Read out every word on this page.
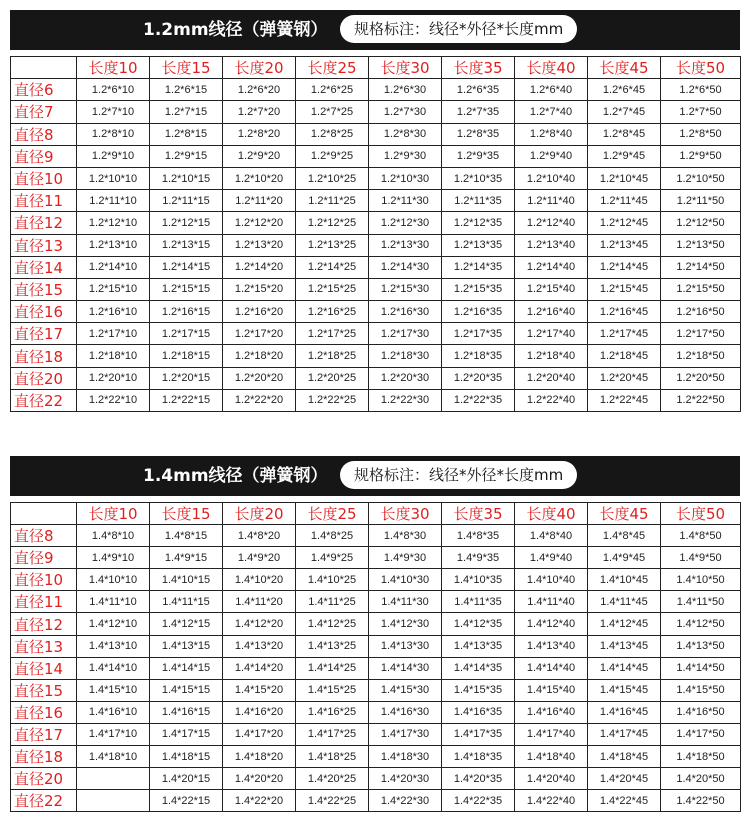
1.2mm线径（弹簧钢）	规格标注：线径*外径*长度mm
	长度10	长度15	长度20	长度25	长度30	长度35	长度40	长度45	长度50
直径6	1.2*6*10	1.2*6*15	1.2*6*20	1.2*6*25	1.2*6*30	1.2*6*35	1.2*6*40	1.2*6*45	1.2*6*50
直径7	1.2*7*10	1.2*7*15	1.2*7*20	1.2*7*25	1.2*7*30	1.2*7*35	1.2*7*40	1.2*7*45	1.2*7*50
直径8	1.2*8*10	1.2*8*15	1.2*8*20	1.2*8*25	1.2*8*30	1.2*8*35	1.2*8*40	1.2*8*45	1.2*8*50
直径9	1.2*9*10	1.2*9*15	1.2*9*20	1.2*9*25	1.2*9*30	1.2*9*35	1.2*9*40	1.2*9*45	1.2*9*50
直径10	1.2*10*10	1.2*10*15	1.2*10*20	1.2*10*25	1.2*10*30	1.2*10*35	1.2*10*40	1.2*10*45	1.2*10*50
直径11	1.2*11*10	1.2*11*15	1.2*11*20	1.2*11*25	1.2*11*30	1.2*11*35	1.2*11*40	1.2*11*45	1.2*11*50
直径12	1.2*12*10	1.2*12*15	1.2*12*20	1.2*12*25	1.2*12*30	1.2*12*35	1.2*12*40	1.2*12*45	1.2*12*50
直径13	1.2*13*10	1.2*13*15	1.2*13*20	1.2*13*25	1.2*13*30	1.2*13*35	1.2*13*40	1.2*13*45	1.2*13*50
直径14	1.2*14*10	1.2*14*15	1.2*14*20	1.2*14*25	1.2*14*30	1.2*14*35	1.2*14*40	1.2*14*45	1.2*14*50
直径15	1.2*15*10	1.2*15*15	1.2*15*20	1.2*15*25	1.2*15*30	1.2*15*35	1.2*15*40	1.2*15*45	1.2*15*50
直径16	1.2*16*10	1.2*16*15	1.2*16*20	1.2*16*25	1.2*16*30	1.2*16*35	1.2*16*40	1.2*16*45	1.2*16*50
直径17	1.2*17*10	1.2*17*15	1.2*17*20	1.2*17*25	1.2*17*30	1.2*17*35	1.2*17*40	1.2*17*45	1.2*17*50
直径18	1.2*18*10	1.2*18*15	1.2*18*20	1.2*18*25	1.2*18*30	1.2*18*35	1.2*18*40	1.2*18*45	1.2*18*50
直径20	1.2*20*10	1.2*20*15	1.2*20*20	1.2*20*25	1.2*20*30	1.2*20*35	1.2*20*40	1.2*20*45	1.2*20*50
直径22	1.2*22*10	1.2*22*15	1.2*22*20	1.2*22*25	1.2*22*30	1.2*22*35	1.2*22*40	1.2*22*45	1.2*22*50
1.4mm线径（弹簧钢）	规格标注：线径*外径*长度mm
	长度10	长度15	长度20	长度25	长度30	长度35	长度40	长度45	长度50
直径8	1.4*8*10	1.4*8*15	1.4*8*20	1.4*8*25	1.4*8*30	1.4*8*35	1.4*8*40	1.4*8*45	1.4*8*50
直径9	1.4*9*10	1.4*9*15	1.4*9*20	1.4*9*25	1.4*9*30	1.4*9*35	1.4*9*40	1.4*9*45	1.4*9*50
直径10	1.4*10*10	1.4*10*15	1.4*10*20	1.4*10*25	1.4*10*30	1.4*10*35	1.4*10*40	1.4*10*45	1.4*10*50
直径11	1.4*11*10	1.4*11*15	1.4*11*20	1.4*11*25	1.4*11*30	1.4*11*35	1.4*11*40	1.4*11*45	1.4*11*50
直径12	1.4*12*10	1.4*12*15	1.4*12*20	1.4*12*25	1.4*12*30	1.4*12*35	1.4*12*40	1.4*12*45	1.4*12*50
直径13	1.4*13*10	1.4*13*15	1.4*13*20	1.4*13*25	1.4*13*30	1.4*13*35	1.4*13*40	1.4*13*45	1.4*13*50
直径14	1.4*14*10	1.4*14*15	1.4*14*20	1.4*14*25	1.4*14*30	1.4*14*35	1.4*14*40	1.4*14*45	1.4*14*50
直径15	1.4*15*10	1.4*15*15	1.4*15*20	1.4*15*25	1.4*15*30	1.4*15*35	1.4*15*40	1.4*15*45	1.4*15*50
直径16	1.4*16*10	1.4*16*15	1.4*16*20	1.4*16*25	1.4*16*30	1.4*16*35	1.4*16*40	1.4*16*45	1.4*16*50
直径17	1.4*17*10	1.4*17*15	1.4*17*20	1.4*17*25	1.4*17*30	1.4*17*35	1.4*17*40	1.4*17*45	1.4*17*50
直径18	1.4*18*10	1.4*18*15	1.4*18*20	1.4*18*25	1.4*18*30	1.4*18*35	1.4*18*40	1.4*18*45	1.4*18*50
直径20		1.4*20*15	1.4*20*20	1.4*20*25	1.4*20*30	1.4*20*35	1.4*20*40	1.4*20*45	1.4*20*50
直径22		1.4*22*15	1.4*22*20	1.4*22*25	1.4*22*30	1.4*22*35	1.4*22*40	1.4*22*45	1.4*22*50
